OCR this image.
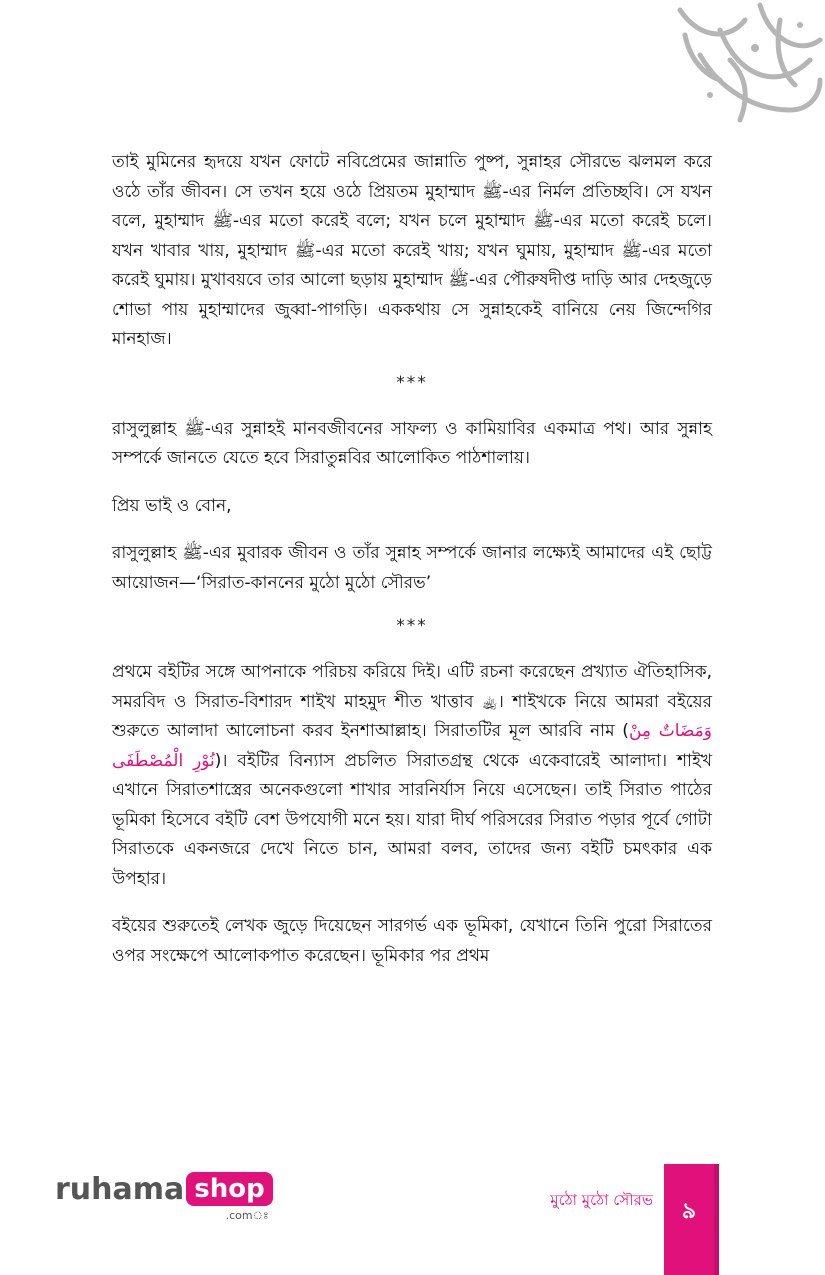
তাই মুমিনের হৃদয়ে যখন ফোটে নবিপ্রেমের জান্নাতি পুষ্প, সুন্নাহর সৌরভে ঝলমল করে ওঠে তাঁর জীবন। সে তখন হয়ে ওঠে প্রিয়তম মুহাম্মাদ ﷺ-এর নির্মল প্রতিচ্ছবি। সে যখন বলে, মুহাম্মাদ ﷺ-এর মতো করেই বলে; যখন চলে মুহাম্মাদ ﷺ-এর মতো করেই চলে। যখন খাবার খায়, মুহাম্মাদ ﷺ-এর মতো করেই খায়; যখন ঘুমায়, মুহাম্মাদ ﷺ-এর মতো করেই ঘুমায়। মুখাবয়বে তার আলো ছড়ায় মুহাম্মাদ ﷺ-এর পৌরুষদীপ্ত দাড়ি আর দেহজুড়ে শোভা পায় মুহাম্মাদের জুব্বা-পাগড়ি। এককথায় সে সুন্নাহকেই বানিয়ে নেয় জিন্দেগির মানহাজ।

***

রাসুলুল্লাহ ﷺ-এর সুন্নাহই মানবজীবনের সাফল্য ও কামিয়াবির একমাত্র পথ। আর সুন্নাহ সম্পর্কে জানতে যেতে হবে সিরাতুন্নবির আলোকিত পাঠশালায়।

প্রিয় ভাই ও বোন,

রাসুলুল্লাহ ﷺ-এর মুবারক জীবন ও তাঁর সুন্নাহ সম্পর্কে জানার লক্ষ্যেই আমাদের এই ছোট্ট আয়োজন—‘সিরাত-কাননের মুঠো মুঠো সৌরভ’

***

প্রথমে বইটির সঙ্গে আপনাকে পরিচয় করিয়ে দিই। এটি রচনা করেছেন প্রখ্যাত ঐতিহাসিক, সমরবিদ ও সিরাত-বিশারদ শাইখ মাহমুদ শীত খাত্তাব ﵀। শাইখকে নিয়ে আমরা বইয়ের শুরুতে আলাদা আলোচনা করব ইনশাআল্লাহ। সিরাতটির মূল আরবি নাম (وَمَضَاتٌ مِنْ نُوْرِ الْمُصْطَفَى)। বইটির বিন্যাস প্রচলিত সিরাতগ্রন্থ থেকে একেবারেই আলাদা। শাইখ এখানে সিরাতশাস্ত্রের অনেকগুলো শাখার সারনির্যাস নিয়ে এসেছেন। তাই সিরাত পাঠের ভূমিকা হিসেবে বইটি বেশ উপযোগী মনে হয়। যারা দীর্ঘ পরিসরের সিরাত পড়ার পূর্বে গোটা সিরাতকে একনজরে দেখে নিতে চান, আমরা বলব, তাদের জন্য বইটি চমৎকার এক উপহার।

বইয়ের শুরুতেই লেখক জুড়ে দিয়েছেন সারগর্ভ এক ভূমিকা, যেখানে তিনি পুরো সিরাতের ওপর সংক্ষেপে আলোকপাত করেছেন। ভূমিকার পর প্রথম

ruhama shop
.comঃ
মুঠো মুঠো সৌরভ	৯
